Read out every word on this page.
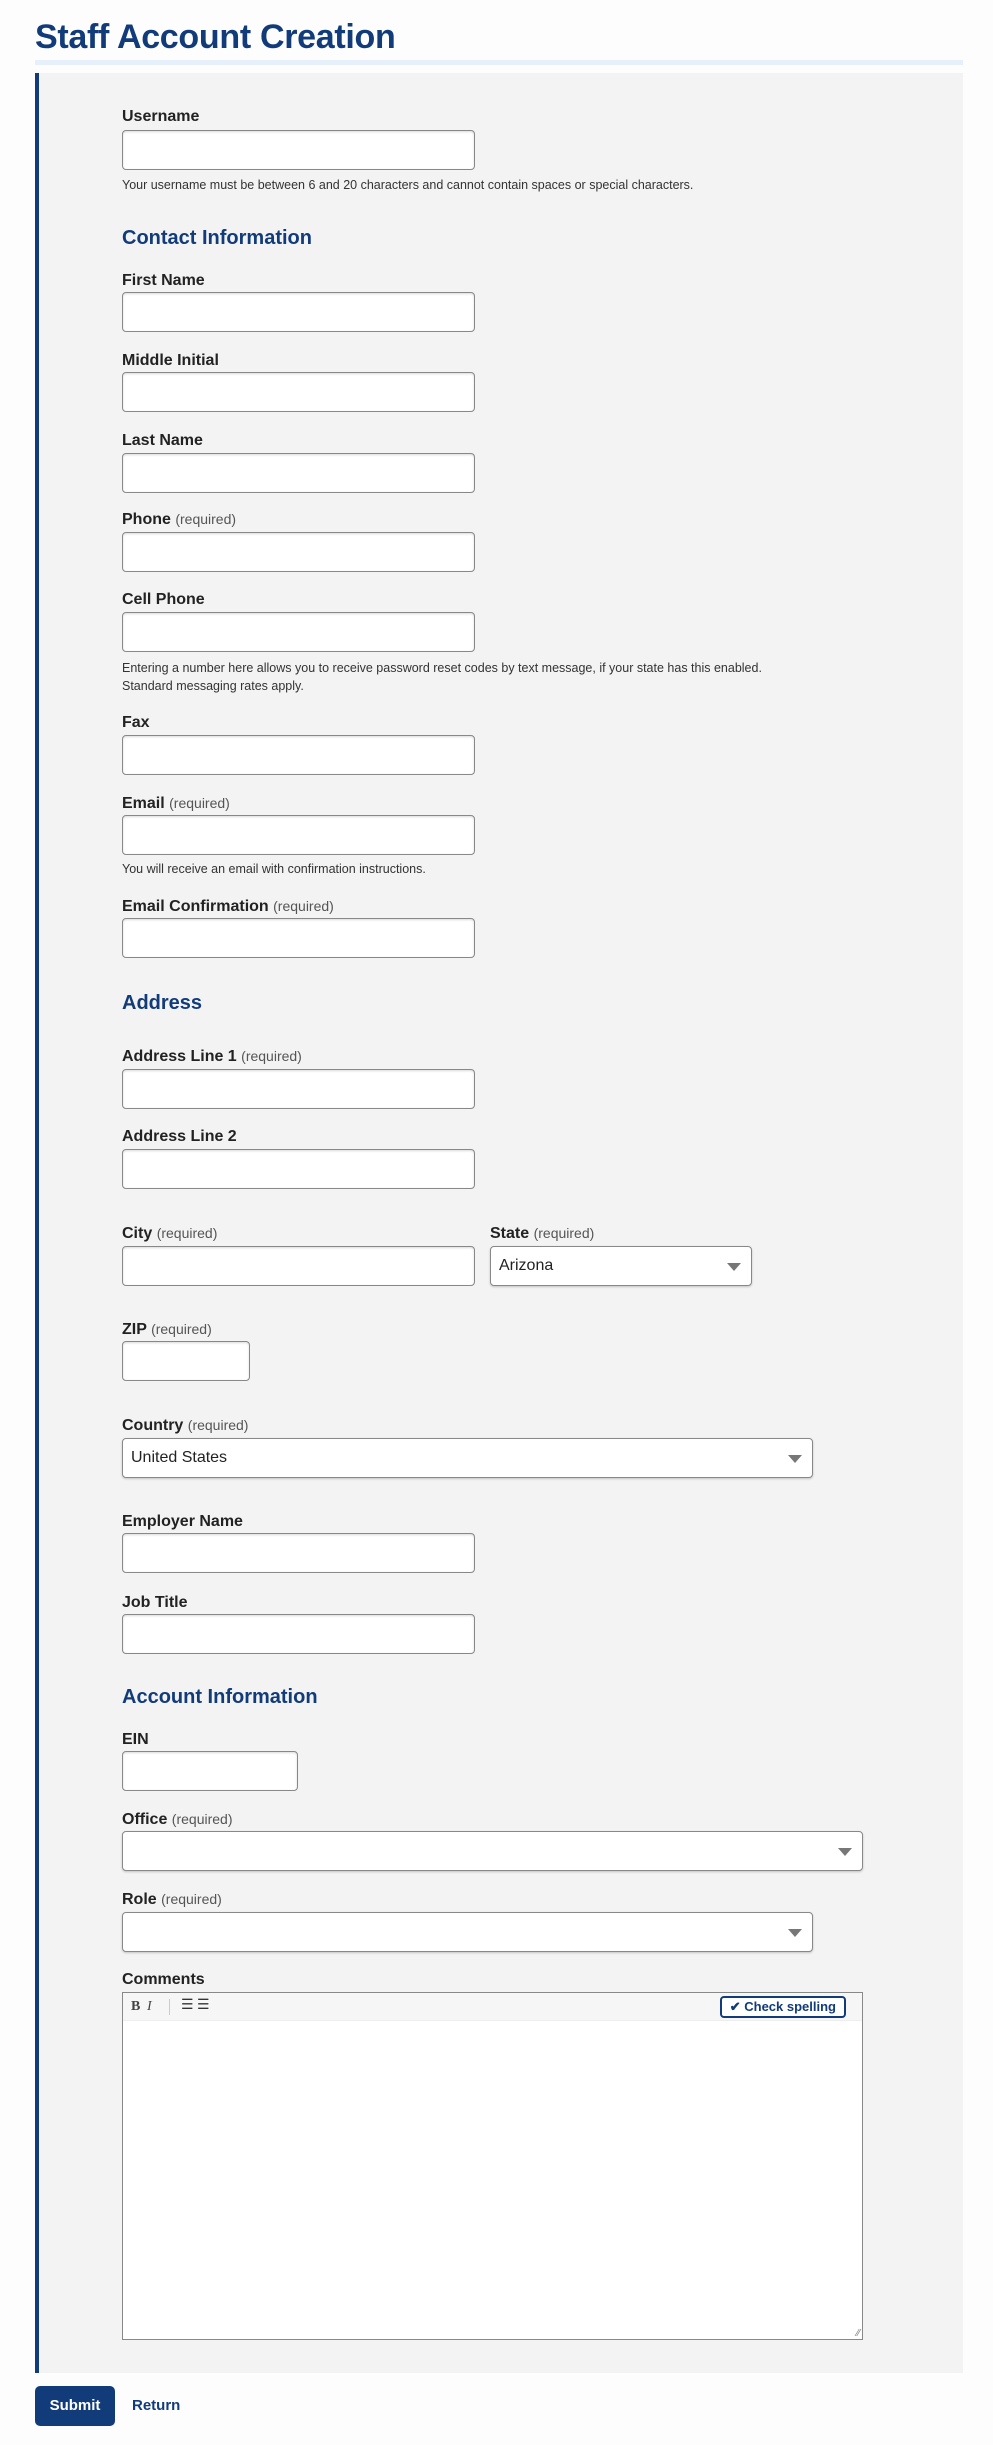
Staff Account Creation
Username
Your username must be between 6 and 20 characters and cannot contain spaces or special characters.
Contact Information
First Name
Middle Initial
Last Name
Phone (required)
Cell Phone
Entering a number here allows you to receive password reset codes by text message, if your state has this enabled.
Standard messaging rates apply.
Fax
Email (required)
You will receive an email with confirmation instructions.
Email Confirmation (required)
Address
Address Line 1 (required)
Address Line 2
City (required)	State (required)
Arizona
ZIP (required)
Country (required)
United States
Employer Name
Job Title
Account Information
EIN
Office (required)
Role (required)
Comments
B I ☰ ☰	✔ Check spelling
⁄⁄
Submit	Return
